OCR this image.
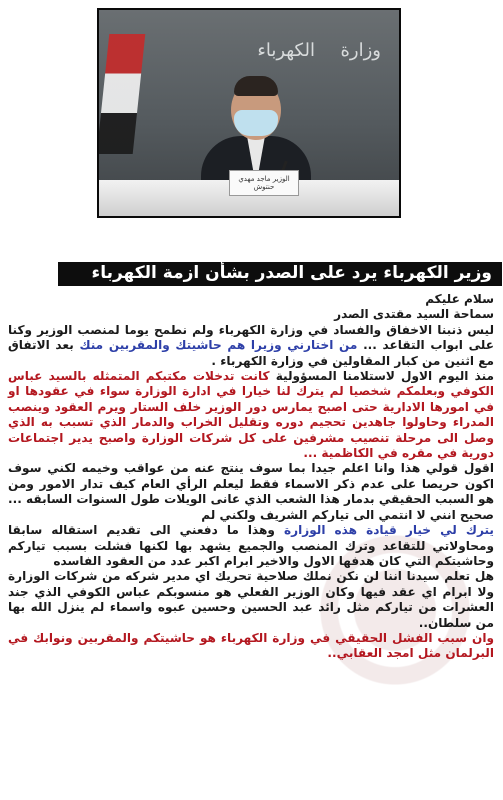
وزارة
الكهرباء
الوزير ماجد مهدي حنتوش
وزير الكهرباء يرد على الصدر بشأن ازمة الكهرباء

سلام عليكم

سماحة السيد مقتدى الصدر

ليس ذنبنا الاخفاق والفساد في وزارة الكهرباء ولم نطمح يوما لمنصب الوزير وكنا على ابواب التقاعد ... من اختارني وزيرا هم حاشيتك والمقربين منك بعد الاتفاق مع اثنين من كبار المقاولين في وزارة الكهرباء .

منذ اليوم الاول لاستلامنا المسؤولية كانت تدخلات مكتبكم المتمثله بالسيد عباس الكوفي وبعلمكم شخصيا لم يترك لنا خيارا في ادارة الوزارة سواء في عقودها او في امورها الادارية حتى اصبح يمارس دور الوزير خلف الستار ويرم العقود وينصب المدراء وحاولوا جاهدين تحجيم دوره وتقليل الخراب والدمار الذي تسبب به الذي وصل الى مرحلة تنصيب مشرفين على كل شركات الوزارة واصبح يدير اجتماعات دورية في مقره في الكاظمية ...

اقول قولي هذا وانا اعلم جيدا بما سوف ينتج عنه من عواقب وخيمه لكني سوف اكون حريصا على عدم ذكر الاسماء فقط ليعلم الرأي العام كيف تدار الامور ومن هو السبب الحقيقي بدمار هذا الشعب الذي عانى الويلات طول السنوات السابقه ... صحيح انني لا انتمي الى تياركم الشريف ولكني لم

يترك لي خيار قيادة هذه الوزارة وهذا ما دفعني الى تقديم استقاله سابقا ومحاولاتي للتقاعد وترك المنصب والجميع يشهد بها لكنها فشلت بسبب تياركم وحاشيتكم التي كان هدفها الاول والاخير ابرام اكبر عدد من العقود الفاسده

هل تعلم سيدنا اننا لن نكن نملك صلاحية تحريك اي مدير شركه من شركات الوزارة ولا ابرام اي عقد فيها وكان الوزير الفعلي هو منسوبكم عباس الكوفي الذي جند العشرات من تياركم مثل رائد عبد الحسين وحسين عبوه واسماء لم ينزل الله بها من سلطان..

وان سبب الفشل الحقيقي في وزارة الكهرباء هو حاشيتكم والمقربين ونوابك في البرلمان مثل امجد العقابي..
